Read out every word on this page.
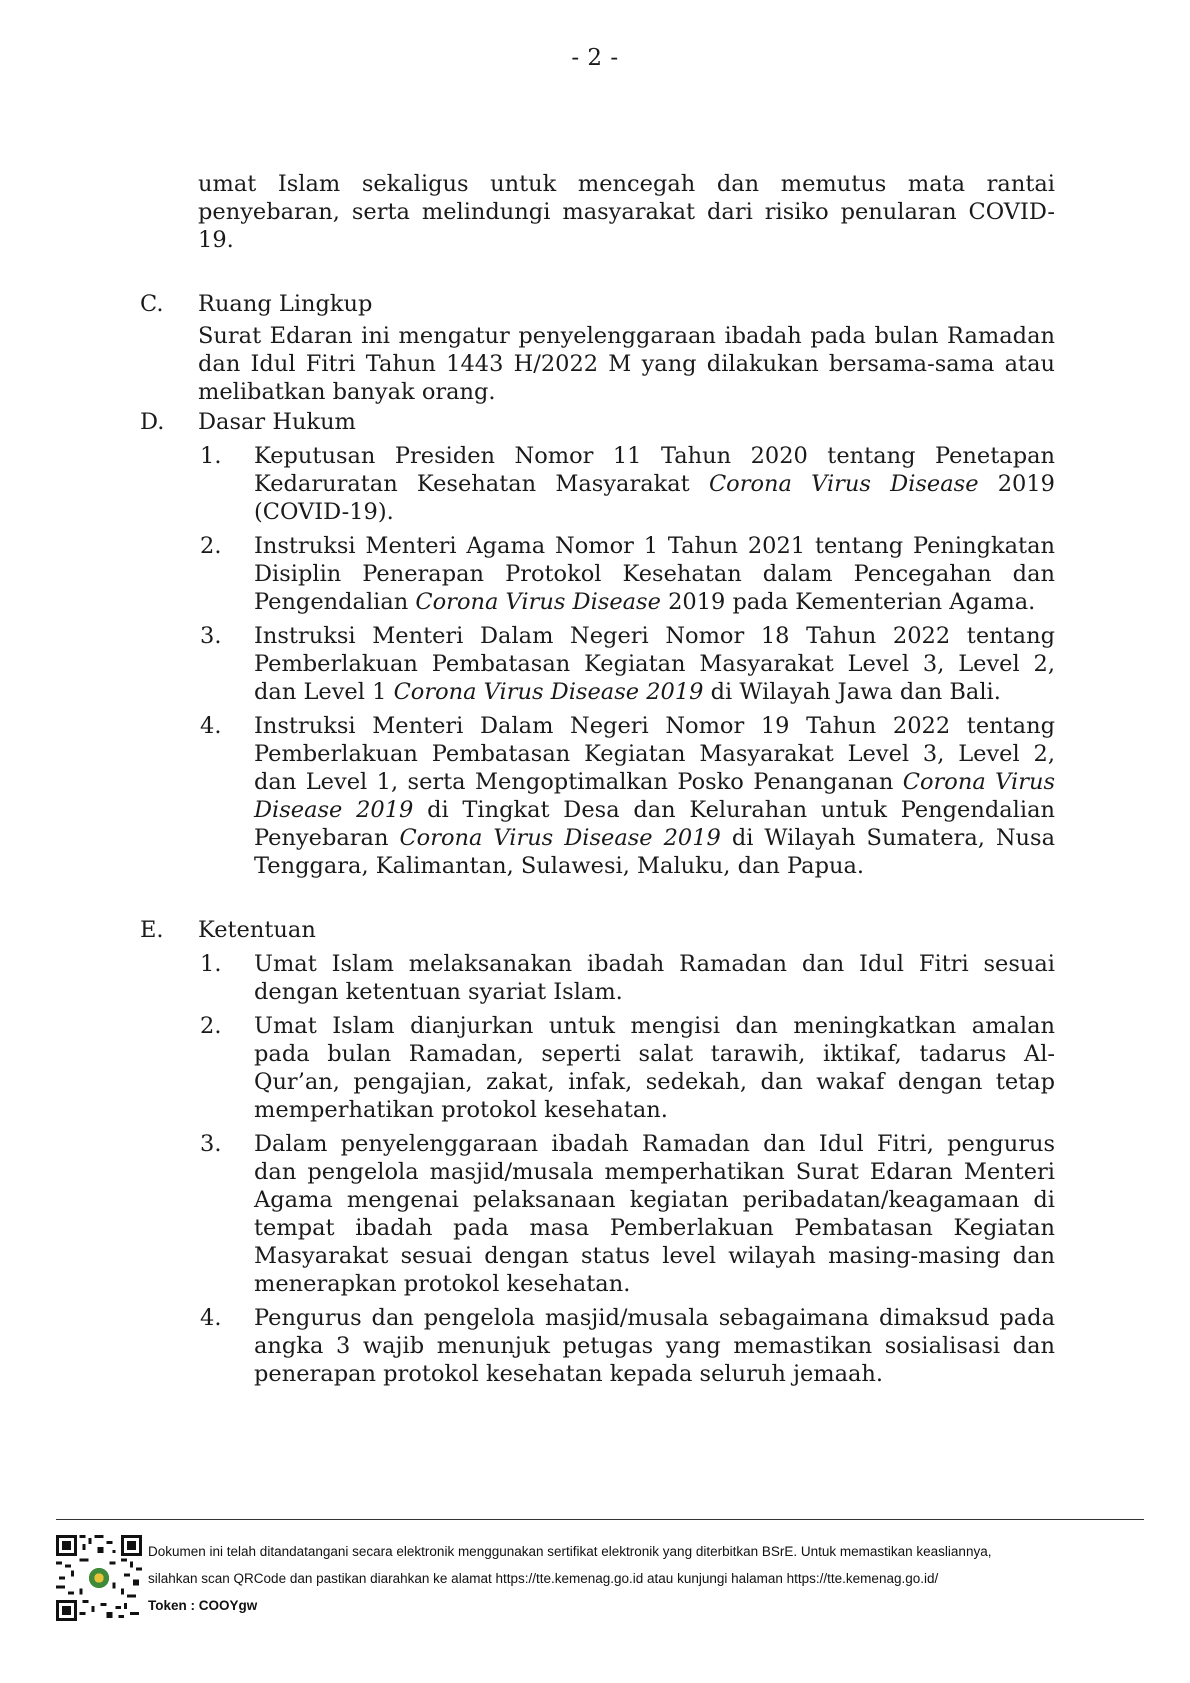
- 2 -

umat Islam sekaligus untuk mencegah dan memutus mata rantai penyebaran, serta melindungi masyarakat dari risiko penularan COVID-19.

C.	Ruang Lingkup

Surat Edaran ini mengatur penyelenggaraan ibadah pada bulan Ramadan dan Idul Fitri Tahun 1443 H/2022 M yang dilakukan bersama-sama atau melibatkan banyak orang.

D.	Dasar Hukum
1.	Keputusan Presiden Nomor 11 Tahun 2020 tentang Penetapan Kedaruratan Kesehatan Masyarakat Corona Virus Disease 2019 (COVID-19).
2.	Instruksi Menteri Agama Nomor 1 Tahun 2021 tentang Peningkatan Disiplin Penerapan Protokol Kesehatan dalam Pencegahan dan Pengendalian Corona Virus Disease 2019 pada Kementerian Agama.
3.	Instruksi Menteri Dalam Negeri Nomor 18 Tahun 2022 tentang Pemberlakuan Pembatasan Kegiatan Masyarakat Level 3, Level 2, dan Level 1 Corona Virus Disease 2019 di Wilayah Jawa dan Bali.
4.	Instruksi Menteri Dalam Negeri Nomor 19 Tahun 2022 tentang Pemberlakuan Pembatasan Kegiatan Masyarakat Level 3, Level 2, dan Level 1, serta Mengoptimalkan Posko Penanganan Corona Virus Disease 2019 di Tingkat Desa dan Kelurahan untuk Pengendalian Penyebaran Corona Virus Disease 2019 di Wilayah Sumatera, Nusa Tenggara, Kalimantan, Sulawesi, Maluku, dan Papua.
E.	Ketentuan
1.	Umat Islam melaksanakan ibadah Ramadan dan Idul Fitri sesuai dengan ketentuan syariat Islam.
2.	Umat Islam dianjurkan untuk mengisi dan meningkatkan amalan pada bulan Ramadan, seperti salat tarawih, iktikaf, tadarus Al-Qur’an, pengajian, zakat, infak, sedekah, dan wakaf dengan tetap memperhatikan protokol kesehatan.
3.	Dalam penyelenggaraan ibadah Ramadan dan Idul Fitri, pengurus dan pengelola masjid/musala memperhatikan Surat Edaran Menteri Agama mengenai pelaksanaan kegiatan peribadatan/keagamaan di tempat ibadah pada masa Pemberlakuan Pembatasan Kegiatan Masyarakat sesuai dengan status level wilayah masing-masing dan menerapkan protokol kesehatan.
4.	Pengurus dan pengelola masjid/musala sebagaimana dimaksud pada angka 3 wajib menunjuk petugas yang memastikan sosialisasi dan penerapan protokol kesehatan kepada seluruh jemaah.
Dokumen ini telah ditandatangani secara elektronik menggunakan sertifikat elektronik yang diterbitkan BSrE. Untuk memastikan keasliannya,
silahkan scan QRCode dan pastikan diarahkan ke alamat https://tte.kemenag.go.id atau kunjungi halaman https://tte.kemenag.go.id/
Token : COOYgw
